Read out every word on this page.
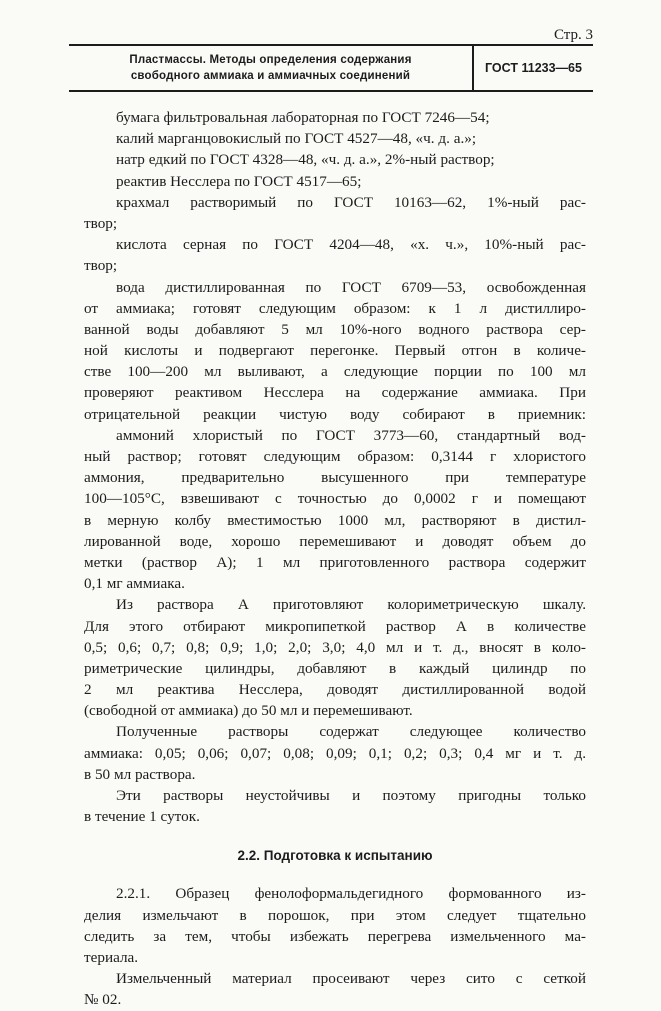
Стр. 3
Пластмассы. Методы определения содержания
свободного аммиака и аммиачных соединений
ГОСТ 11233—65
бумага фильтровальная лабораторная по ГОСТ 7246—54;
калий марганцовокислый по ГОСТ 4527—48, «ч. д. а.»;
натр едкий по ГОСТ 4328—48, «ч. д. а.», 2%-ный раствор;
реактив Несслера по ГОСТ 4517—65;
крахмал растворимый по ГОСТ 10163—62, 1%-ный рас-
твор;
кислота серная по ГОСТ 4204—48, «х. ч.», 10%-ный рас-
твор;
вода дистиллированная по ГОСТ 6709—53, освобожденная
от аммиака; готовят следующим образом: к 1 л дистиллиро-
ванной воды добавляют 5 мл 10%-ного водного раствора сер-
ной кислоты и подвергают перегонке. Первый отгон в количе-
стве 100—200 мл выливают, а следующие порции по 100 мл
проверяют реактивом Несслера на содержание аммиака. При
отрицательной реакции чистую воду собирают в приемник:
аммоний хлористый по ГОСТ 3773—60, стандартный вод-
ный раствор; готовят следующим образом: 0,3144 г хлористого
аммония, предварительно высушенного при температуре
100—105°С, взвешивают с точностью до 0,0002 г и помещают
в мерную колбу вместимостью 1000 мл, растворяют в дистил-
лированной воде, хорошо перемешивают и доводят объем до
метки (раствор А); 1 мл приготовленного раствора содержит
0,1 мг аммиака.
Из раствора А приготовляют колориметрическую шкалу.
Для этого отбирают микропипеткой раствор А в количестве
0,5; 0,6; 0,7; 0,8; 0,9; 1,0; 2,0; 3,0; 4,0 мл и т. д., вносят в коло-
риметрические цилиндры, добавляют в каждый цилиндр по
2 мл реактива Несслера, доводят дистиллированной водой
(свободной от аммиака) до 50 мл и перемешивают.
Полученные растворы содержат следующее количество
аммиака: 0,05; 0,06; 0,07; 0,08; 0,09; 0,1; 0,2; 0,3; 0,4 мг и т. д.
в 50 мл раствора.
Эти растворы неустойчивы и поэтому пригодны только
в течение 1 суток.
2.2. Подготовка к испытанию
2.2.1. Образец фенолоформальдегидного формованного из-
делия измельчают в порошок, при этом следует тщательно
следить за тем, чтобы избежать перегрева измельченного ма-
териала.
Измельченный материал просеивают через сито с сеткой
№ 02.
